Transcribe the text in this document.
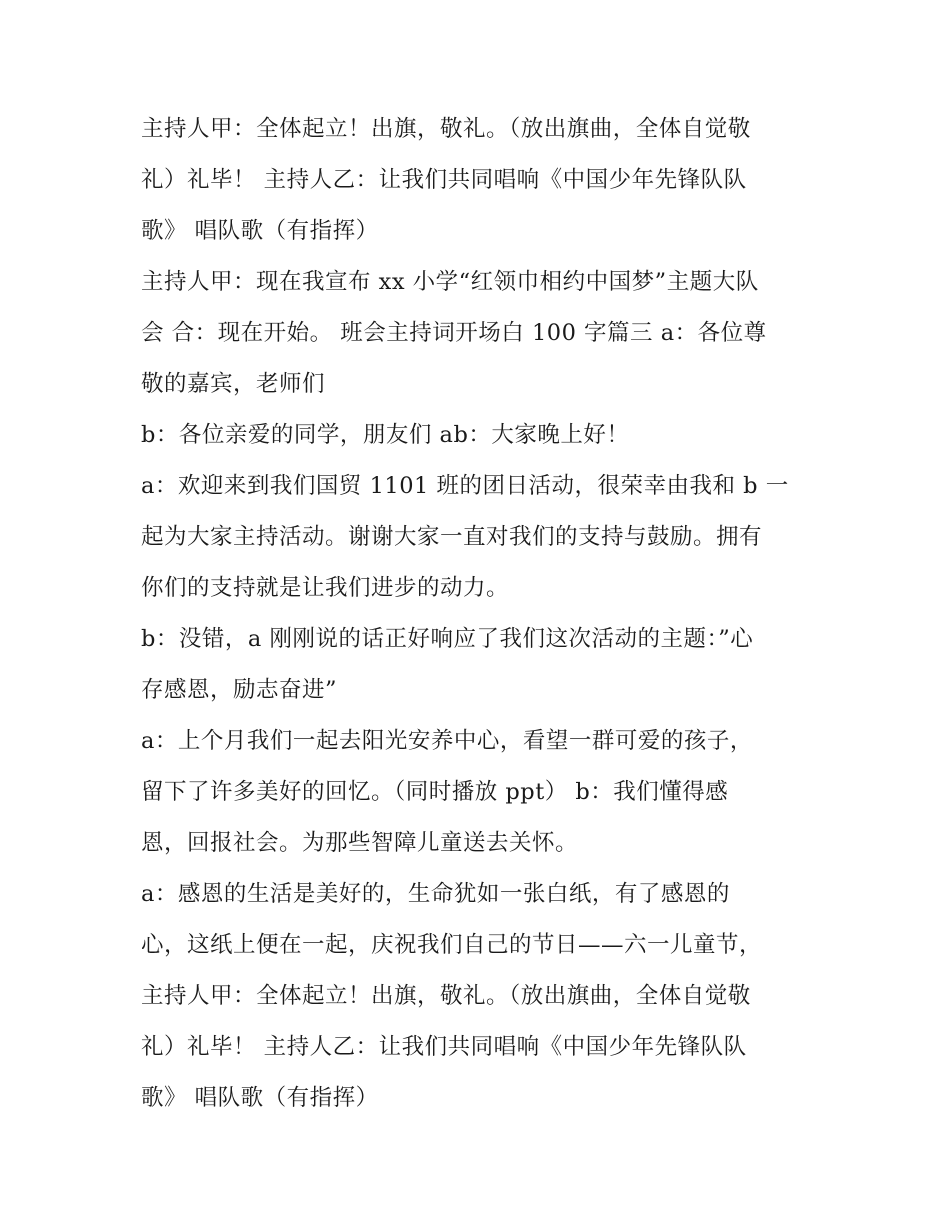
主持人甲：全体起立！出旗，敬礼。（放出旗曲，全体自觉敬
礼）礼毕！ 主持人乙：让我们共同唱响《中国少年先锋队队
歌》 唱队歌（有指挥）
主持人甲：现在我宣布 xx 小学“红领巾相约中国梦”主题大队
会 合：现在开始。 班会主持词开场白 100 字篇三 a：各位尊
敬的嘉宾，老师们
b：各位亲爱的同学，朋友们 ab：大家晚上好！
a：欢迎来到我们国贸 1101 班的团日活动，很荣幸由我和 b 一
起为大家主持活动。谢谢大家一直对我们的支持与鼓励。拥有
你们的支持就是让我们进步的动力。
b：没错，a 刚刚说的话正好响应了我们这次活动的主题：”心
存感恩，励志奋进”
a：上个月我们一起去阳光安养中心，看望一群可爱的孩子，
留下了许多美好的回忆。（同时播放 ppt） b：我们懂得感
恩，回报社会。为那些智障儿童送去关怀。
a：感恩的生活是美好的，生命犹如一张白纸，有了感恩的
心，这纸上便在一起，庆祝我们自己的节日——六一儿童节，
主持人甲：全体起立！出旗，敬礼。（放出旗曲，全体自觉敬
礼）礼毕！ 主持人乙：让我们共同唱响《中国少年先锋队队
歌》 唱队歌（有指挥）
